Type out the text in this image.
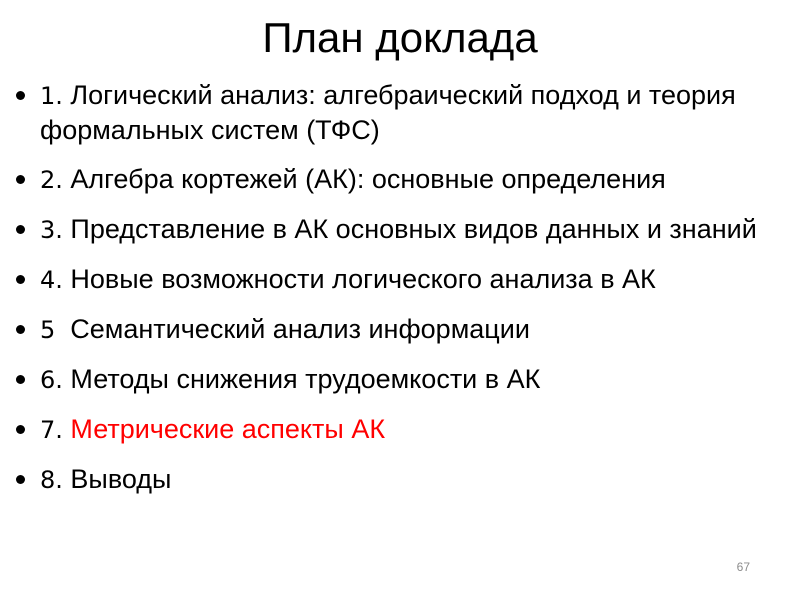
План доклада
1. Логический анализ: алгебраический подход и теория формальных систем (ТФС)
2. Алгебра кортежей (АК): основные определения
3. Представление в АК основных видов данных и знаний
4. Новые возможности логического анализа в АК
5  Семантический анализ информации
6. Методы снижения трудоемкости в АК
7. Метрические аспекты АК
8. Выводы
67
